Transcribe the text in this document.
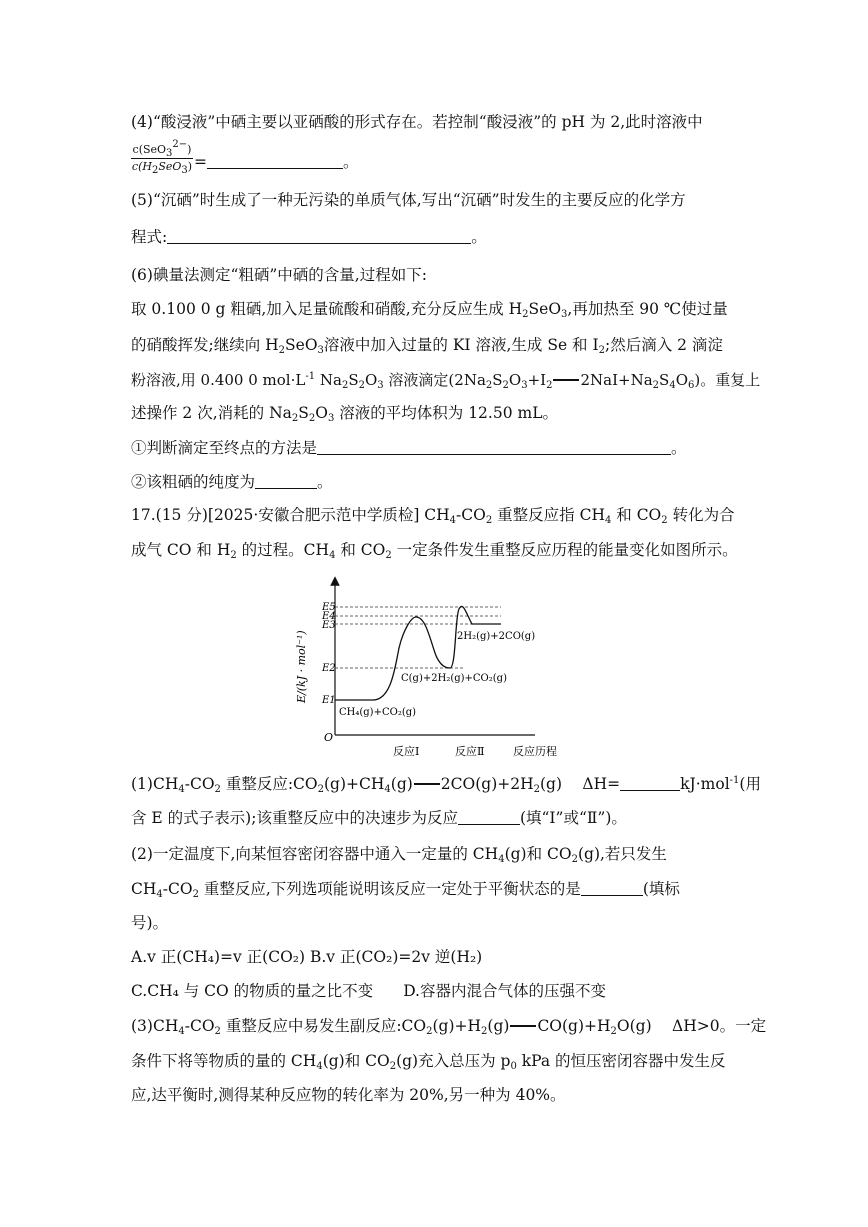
(4)“酸浸液”中硒主要以亚硒酸的形式存在。若控制“酸浸液”的 pH 为 2,此时溶液中
c(SeO$_3^{2-}$)
$c(H_2SeO_3)$ =	。
(5)“沉硒”时生成了一种无污染的单质气体,写出“沉硒”时发生的主要反应的化学方
程式:	。
(6)碘量法测定“粗硒”中硒的含量,过程如下:
取 0.100 0 g 粗硒,加入足量硫酸和硝酸,充分反应生成 $H_2SeO_3$,再加热至 90 ℃使过量
的硝酸挥发;继续向 $H_2SeO_3$溶液中加入过量的 KI 溶液,生成 Se 和 $I_2$;然后滴入 2 滴淀
粉溶液,用 0.400 0 $mol\cdot L^{-1}$ $Na_2S_2O_3$ 溶液滴定($2Na_2S_2O_3+I_2$ $2NaI+Na_2S_4O_6$)。重复上
述操作 2 次,消耗的 $Na_2S_2O_3$ 溶液的平均体积为 12.50 mL。
①判断滴定至终点的方法是	。
②该粗硒的纯度为	。
17.(15 分)[2025·安徽合肥示范中学质检] $CH_4-CO_2$ 重整反应指 $CH_4$ 和 $CO_2$ 转化为合
成气 CO 和 $H_2$ 的过程。$CH_4$ 和 $CO_2$ 一定条件发生重整反应历程的能量变化如图所示。
E/(kJ · mol⁻¹)
E5
E4
E3
E2
E1
O
CH₄(g)+CO₂(g)
C(g)+2H₂(g)+CO₂(g)
2H₂(g)+2CO(g)
反应Ⅰ	反应Ⅱ	反应历程
$(1)CH_4-CO_2$ 重整反应$:CO_2(g)+CH_4(g)$ $2CO(g)+2H_2(g)$　 ΔH=	kJ·mol$^{-1}$(用
含 E 的式子表示);该重整反应中的决速步为反应	(填“Ⅰ”或“Ⅱ”)。
(2)一定温度下,向某恒容密闭容器中通入一定量的 $CH_4(g)$和 $CO_2(g)$,若只发生
$CH_4-CO_2$ 重整反应,下列选项能说明该反应一定处于平衡状态的是	(填标
号)。
A.v 正(CH₄)=v 正(CO₂) B.v 正(CO₂)=2v 逆(H₂)
C.CH₄ 与 CO 的物质的量之比不变 D.容器内混合气体的压强不变
$(3)CH_4-CO_2$ 重整反应中易发生副反应$:CO_2(g)+H_2(g)$ $CO(g)+H_2O(g)$　 ΔH>0。一定
条件下将等物质的量的 $CH_4(g)$和 $CO_2(g)$充入总压为 $p_0$ kPa 的恒压密闭容器中发生反
应,达平衡时,测得某种反应物的转化率为 20%,另一种为 40%。
